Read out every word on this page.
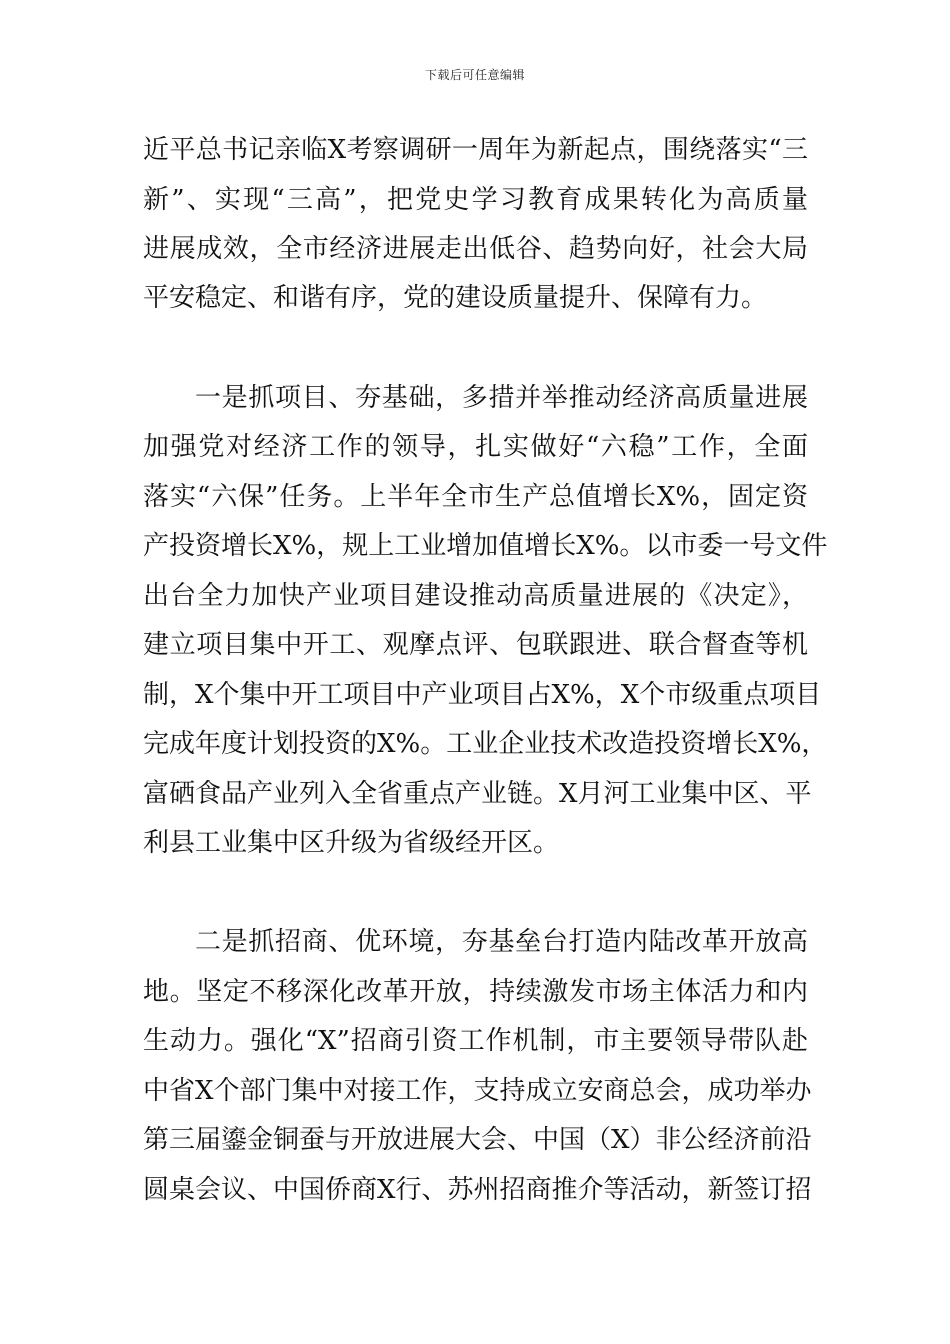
下载后可任意编辑
近平总书记亲临X考察调研一周年为新起点，围绕落实“三
新”、实现“三高”，把党史学习教育成果转化为高质量
进展成效，全市经济进展走出低谷、趋势向好，社会大局
平安稳定、和谐有序，党的建设质量提升、保障有力。
一是抓项目、夯基础，多措并举推动经济高质量进展
加强党对经济工作的领导，扎实做好“六稳”工作，全面
落实“六保”任务。上半年全市生产总值增长X%，固定资
产投资增长X%，规上工业增加值增长X%。以市委一号文件
出台全力加快产业项目建设推动高质量进展的《决定》，
建立项目集中开工、观摩点评、包联跟进、联合督查等机
制，X个集中开工项目中产业项目占X%，X个市级重点项目
完成年度计划投资的X%。工业企业技术改造投资增长X%，
富硒食品产业列入全省重点产业链。X月河工业集中区、平
利县工业集中区升级为省级经开区。
二是抓招商、优环境，夯基垒台打造内陆改革开放高
地。坚定不移深化改革开放，持续激发市场主体活力和内
生动力。强化“X”招商引资工作机制，市主要领导带队赴
中省X个部门集中对接工作，支持成立安商总会，成功举办
第三届鎏金铜蚕与开放进展大会、中国（X）非公经济前沿
圆桌会议、中国侨商X行、苏州招商推介等活动，新签订招
